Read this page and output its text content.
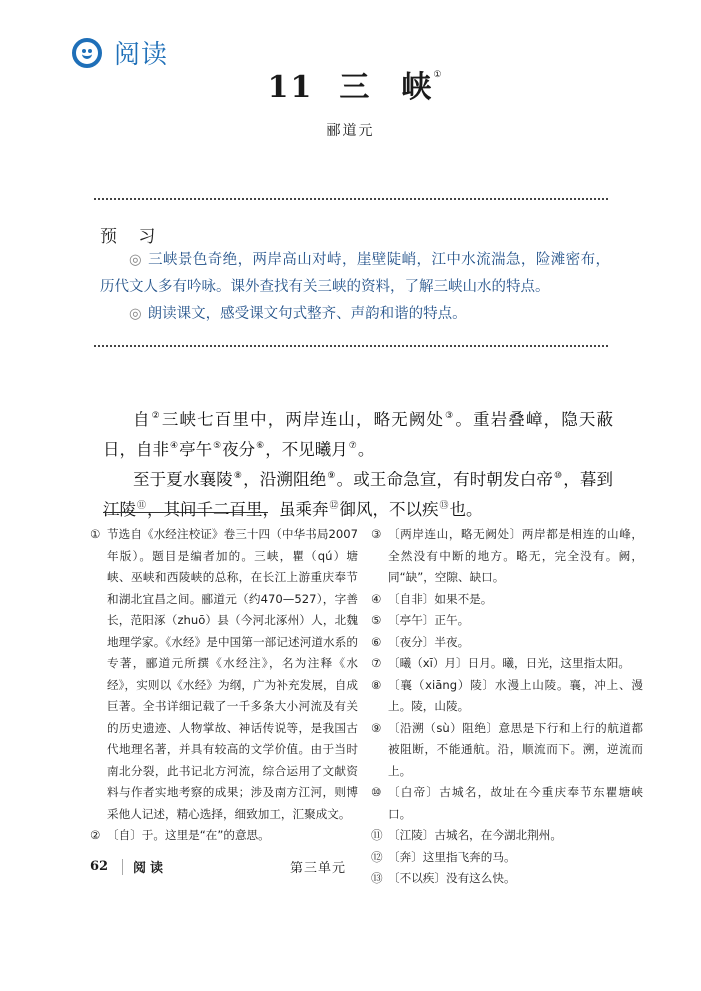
阅读
11 三 峡①
郦道元
预 习

◎ 三峡景色奇绝，两岸高山对峙，崖壁陡峭，江中水流湍急，险滩密布，历代文人多有吟咏。课外查找有关三峡的资料，了解三峡山水的特点。

◎ 朗读课文，感受课文句式整齐、声韵和谐的特点。

自②三峡七百里中，两岸连山，略无阙处③。重岩叠嶂，隐天蔽日，自非④亭午⑤夜分⑥，不见曦月⑦。

至于夏水襄陵⑧，沿溯阻绝⑨。或王命急宣，有时朝发白帝⑩，暮到江陵⑪，其间千二百里，虽乘奔⑫御风，不以疾⑬也。

① 节选自《水经注校证》卷三十四（中华书局2007年版）。题目是编者加的。三峡，瞿（qú）塘峡、巫峡和西陵峡的总称，在长江上游重庆奉节和湖北宜昌之间。郦道元（约470—527），字善长，范阳涿（zhuō）县（今河北涿州）人，北魏地理学家。《水经》是中国第一部记述河道水系的专著，郦道元所撰《水经注》，名为注释《水经》，实则以《水经》为纲，广为补充发展，自成巨著。全书详细记载了一千多条大小河流及有关的历史遗迹、人物掌故、神话传说等，是我国古代地理名著，并具有较高的文学价值。由于当时南北分裂，此书记北方河流，综合运用了文献资料与作者实地考察的成果；涉及南方江河，则博采他人记述，精心选择，细致加工，汇聚成文。
② 〔自〕于。这里是“在”的意思。
③ 〔两岸连山，略无阙处〕两岸都是相连的山峰，全然没有中断的地方。略无，完全没有。阙，同“缺”，空隙、缺口。
④ 〔自非〕如果不是。
⑤ 〔亭午〕正午。
⑥ 〔夜分〕半夜。
⑦ 〔曦（xī）月〕日月。曦，日光，这里指太阳。
⑧ 〔襄（xiāng）陵〕水漫上山陵。襄，冲上、漫上。陵，山陵。
⑨ 〔沿溯（sù）阻绝〕意思是下行和上行的航道都被阻断，不能通航。沿，顺流而下。溯，逆流而上。
⑩ 〔白帝〕古城名，故址在今重庆奉节东瞿塘峡口。
⑪ 〔江陵〕古城名，在今湖北荆州。
⑫ 〔奔〕这里指飞奔的马。
⑬ 〔不以疾〕没有这么快。
62	阅读	第三单元
